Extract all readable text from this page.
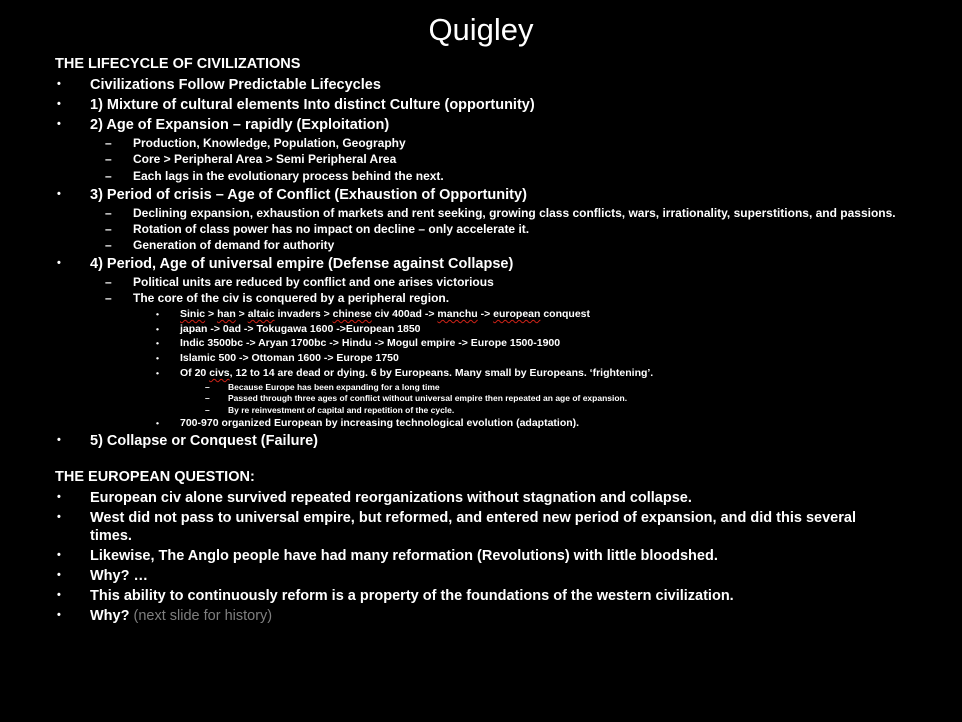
Quigley
THE LIFECYCLE OF CIVILIZATIONS
•	Civilizations Follow Predictable Lifecycles
•	1) Mixture of cultural elements Into distinct Culture (opportunity)
•	2) Age of Expansion – rapidly (Exploitation)
–	Production, Knowledge, Population, Geography
–	Core > Peripheral Area > Semi Peripheral Area
–	Each lags in the evolutionary process behind the next.
•	3) Period of crisis – Age of Conflict (Exhaustion of Opportunity)
–	Declining expansion, exhaustion of markets and rent seeking, growing class conflicts, wars, irrationality, superstitions, and passions.
–	Rotation of class power has no impact on decline – only accelerate it.
–	Generation of demand for authority
•	4) Period, Age of universal empire (Defense against Collapse)
–	Political units are reduced by conflict and one arises victorious
–	The core of the civ is conquered by a peripheral region.
•	Sinic > han > altaic invaders > chinese civ 400ad -> manchu -> european conquest
•	japan -> 0ad -> Tokugawa 1600 ->European 1850
•	Indic 3500bc -> Aryan 1700bc -> Hindu -> Mogul empire -> Europe 1500-1900
•	Islamic 500 -> Ottoman 1600 -> Europe 1750
•	Of 20 civs, 12 to 14 are dead or dying. 6 by Europeans. Many small by Europeans. ‘frightening’.
–	Because Europe has been expanding for a long time
–	Passed through three ages of conflict without universal empire then repeated an age of expansion.
–	By re reinvestment of capital and repetition of the cycle.
•	700-970 organized European by increasing technological evolution (adaptation).
•	5) Collapse or Conquest (Failure)
THE EUROPEAN QUESTION:
•	European civ alone survived repeated reorganizations without stagnation and collapse.
•	West did not pass to universal empire, but reformed, and entered new period of expansion, and did this several times.
•	Likewise, The Anglo people have had many reformation (Revolutions) with little bloodshed.
•	Why? …
•	This ability to continuously reform is a property of the foundations of the western civilization.
•	Why? (next slide for history)
